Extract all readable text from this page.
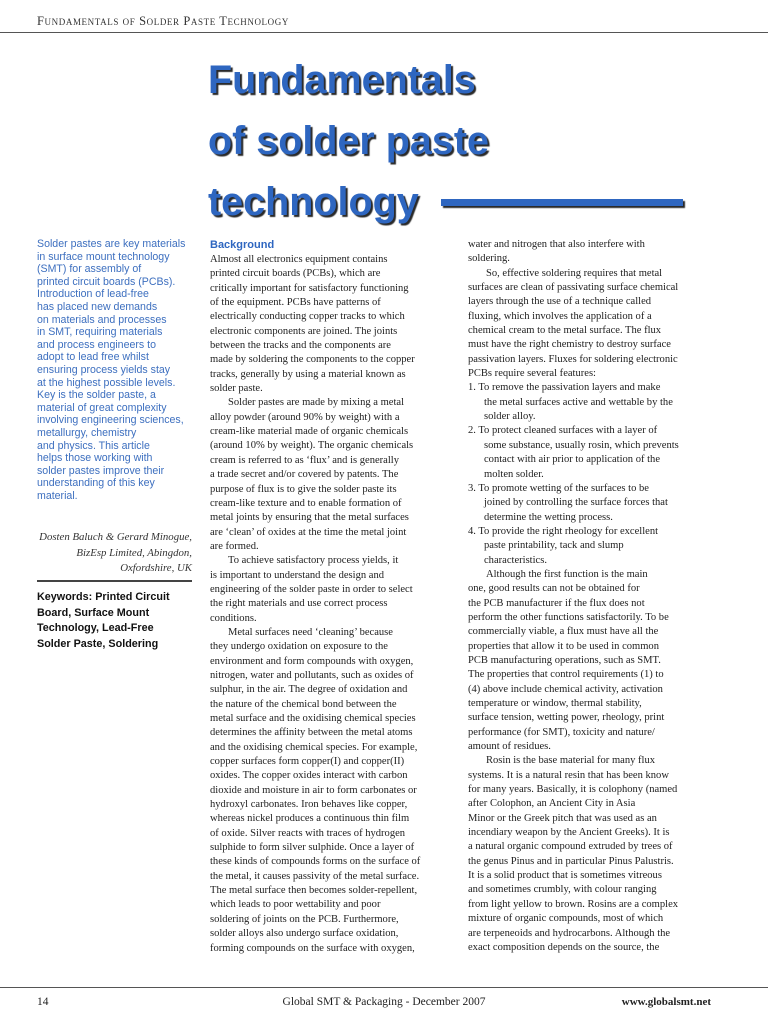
Fundamentals of Solder Paste Technology
Fundamentals
of solder paste
technology
Solder pastes are key materials
in surface mount technology
(SMT) for assembly of
printed circuit boards (PCBs).
Introduction of lead-free
has placed new demands
on materials and processes
in SMT, requiring materials
and process engineers to
adopt to lead free whilst
ensuring process yields stay
at the highest possible levels.
Key is the solder paste, a
material of great complexity
involving engineering sciences,
metallurgy, chemistry
and physics. This article
helps those working with
solder pastes improve their
understanding of this key
material.
Dosten Baluch & Gerard Minogue,
BizEsp Limited, Abingdon,
Oxfordshire, UK
Keywords: Printed Circuit
Board, Surface Mount
Technology, Lead-Free
Solder Paste, Soldering
Background
Almost all electronics equipment contains
printed circuit boards (PCBs), which are
critically important for satisfactory functioning
of the equipment. PCBs have patterns of
electrically conducting copper tracks to which
electronic components are joined. The joints
between the tracks and the components are
made by soldering the components to the copper
tracks, generally by using a material known as
solder paste.
Solder pastes are made by mixing a metal
alloy powder (around 90% by weight) with a
cream-like material made of organic chemicals
(around 10% by weight). The organic chemicals
cream is referred to as ‘flux’ and is generally
a trade secret and/or covered by patents. The
purpose of flux is to give the solder paste its
cream-like texture and to enable formation of
metal joints by ensuring that the metal surfaces
are ‘clean’ of oxides at the time the metal joint
are formed.
To achieve satisfactory process yields, it
is important to understand the design and
engineering of the solder paste in order to select
the right materials and use correct process
conditions.
Metal surfaces need ‘cleaning’ because
they undergo oxidation on exposure to the
environment and form compounds with oxygen,
nitrogen, water and pollutants, such as oxides of
sulphur, in the air. The degree of oxidation and
the nature of the chemical bond between the
metal surface and the oxidising chemical species
determines the affinity between the metal atoms
and the oxidising chemical species. For example,
copper surfaces form copper(I) and copper(II)
oxides. The copper oxides interact with carbon
dioxide and moisture in air to form carbonates or
hydroxyl carbonates. Iron behaves like copper,
whereas nickel produces a continuous thin film
of oxide. Silver reacts with traces of hydrogen
sulphide to form silver sulphide. Once a layer of
these kinds of compounds forms on the surface of
the metal, it causes passivity of the metal surface.
The metal surface then becomes solder-repellent,
which leads to poor wettability and poor
soldering of joints on the PCB. Furthermore,
solder alloys also undergo surface oxidation,
forming compounds on the surface with oxygen,
water and nitrogen that also interfere with
soldering.
So, effective soldering requires that metal
surfaces are clean of passivating surface chemical
layers through the use of a technique called
fluxing, which involves the application of a
chemical cream to the metal surface. The flux
must have the right chemistry to destroy surface
passivation layers. Fluxes for soldering electronic
PCBs require several features:
1. To remove the passivation layers and make
the metal surfaces active and wettable by the
solder alloy.
2. To protect cleaned surfaces with a layer of
some substance, usually rosin, which prevents
contact with air prior to application of the
molten solder.
3. To promote wetting of the surfaces to be
joined by controlling the surface forces that
determine the wetting process.
4. To provide the right rheology for excellent
paste printability, tack and slump
characteristics.
Although the first function is the main
one, good results can not be obtained for
the PCB manufacturer if the flux does not
perform the other functions satisfactorily. To be
commercially viable, a flux must have all the
properties that allow it to be used in common
PCB manufacturing operations, such as SMT.
The properties that control requirements (1) to
(4) above include chemical activity, activation
temperature or window, thermal stability,
surface tension, wetting power, rheology, print
performance (for SMT), toxicity and nature/
amount of residues.
Rosin is the base material for many flux
systems. It is a natural resin that has been know
for many years. Basically, it is colophony (named
after Colophon, an Ancient City in Asia
Minor or the Greek pitch that was used as an
incendiary weapon by the Ancient Greeks). It is
a natural organic compound extruded by trees of
the genus Pinus and in particular Pinus Palustris.
It is a solid product that is sometimes vitreous
and sometimes crumbly, with colour ranging
from light yellow to brown. Rosins are a complex
mixture of organic compounds, most of which
are terpeneoids and hydrocarbons. Although the
exact composition depends on the source, the
14	Global SMT & Packaging - December 2007	www.globalsmt.net
